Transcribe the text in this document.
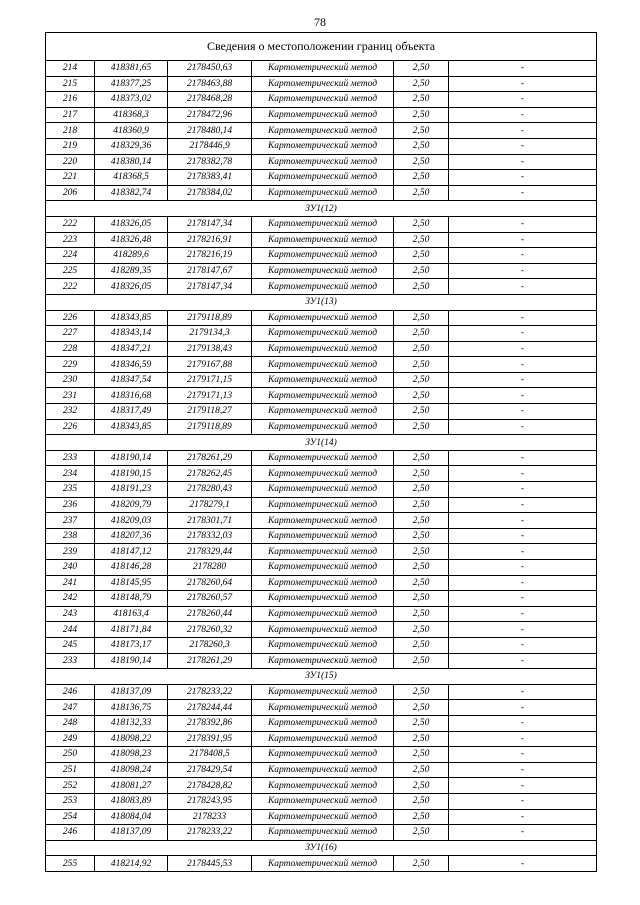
78
Сведения о местоположении границ объекта					
214	418381,65	2178450,63	Картометрический метод	2,50	-
215	418377,25	2178463,88	Картометрический метод	2,50	-
216	418373,02	2178468,28	Картометрический метод	2,50	-
217	418368,3	2178472,96	Картометрический метод	2,50	-
218	418360,9	2178480,14	Картометрический метод	2,50	-
219	418329,36	2178446,9	Картометрический метод	2,50	-
220	418380,14	2178382,78	Картометрический метод	2,50	-
221	418368,5	2178383,41	Картометрический метод	2,50	-
206	418382,74	2178384,02	Картометрический метод	2,50	-
ЗУ1(12)					
222	418326,05	2178147,34	Картометрический метод	2,50	-
223	418326,48	2178216,91	Картометрический метод	2,50	-
224	418289,6	2178216,19	Картометрический метод	2,50	-
225	418289,35	2178147,67	Картометрический метод	2,50	-
222	418326,05	2178147,34	Картометрический метод	2,50	-
ЗУ1(13)					
226	418343,85	2179118,89	Картометрический метод	2,50	-
227	418343,14	2179134,3	Картометрический метод	2,50	-
228	418347,21	2179138,43	Картометрический метод	2,50	-
229	418346,59	2179167,88	Картометрический метод	2,50	-
230	418347,54	2179171,15	Картометрический метод	2,50	-
231	418316,68	2179171,13	Картометрический метод	2,50	-
232	418317,49	2179118,27	Картометрический метод	2,50	-
226	418343,85	2179118,89	Картометрический метод	2,50	-
ЗУ1(14)					
233	418190,14	2178261,29	Картометрический метод	2,50	-
234	418190,15	2178262,45	Картометрический метод	2,50	-
235	418191,23	2178280,43	Картометрический метод	2,50	-
236	418209,79	2178279,1	Картометрический метод	2,50	-
237	418209,03	2178301,71	Картометрический метод	2,50	-
238	418207,36	2178332,03	Картометрический метод	2,50	-
239	418147,12	2178329,44	Картометрический метод	2,50	-
240	418146,28	2178280	Картометрический метод	2,50	-
241	418145,95	2178260,64	Картометрический метод	2,50	-
242	418148,79	2178260,57	Картометрический метод	2,50	-
243	418163,4	2178260,44	Картометрический метод	2,50	-
244	418171,84	2178260,32	Картометрический метод	2,50	-
245	418173,17	2178260,3	Картометрический метод	2,50	-
233	418190,14	2178261,29	Картометрический метод	2,50	-
ЗУ1(15)					
246	418137,09	2178233,22	Картометрический метод	2,50	-
247	418136,75	2178244,44	Картометрический метод	2,50	-
248	418132,33	2178392,86	Картометрический метод	2,50	-
249	418098,22	2178391,95	Картометрический метод	2,50	-
250	418098,23	2178408,5	Картометрический метод	2,50	-
251	418098,24	2178429,54	Картометрический метод	2,50	-
252	418081,27	2178428,82	Картометрический метод	2,50	-
253	418083,89	2178243,95	Картометрический метод	2,50	-
254	418084,04	2178233	Картометрический метод	2,50	-
246	418137,09	2178233,22	Картометрический метод	2,50	-
ЗУ1(16)					
255	418214,92	2178445,53	Картометрический метод	2,50	-
